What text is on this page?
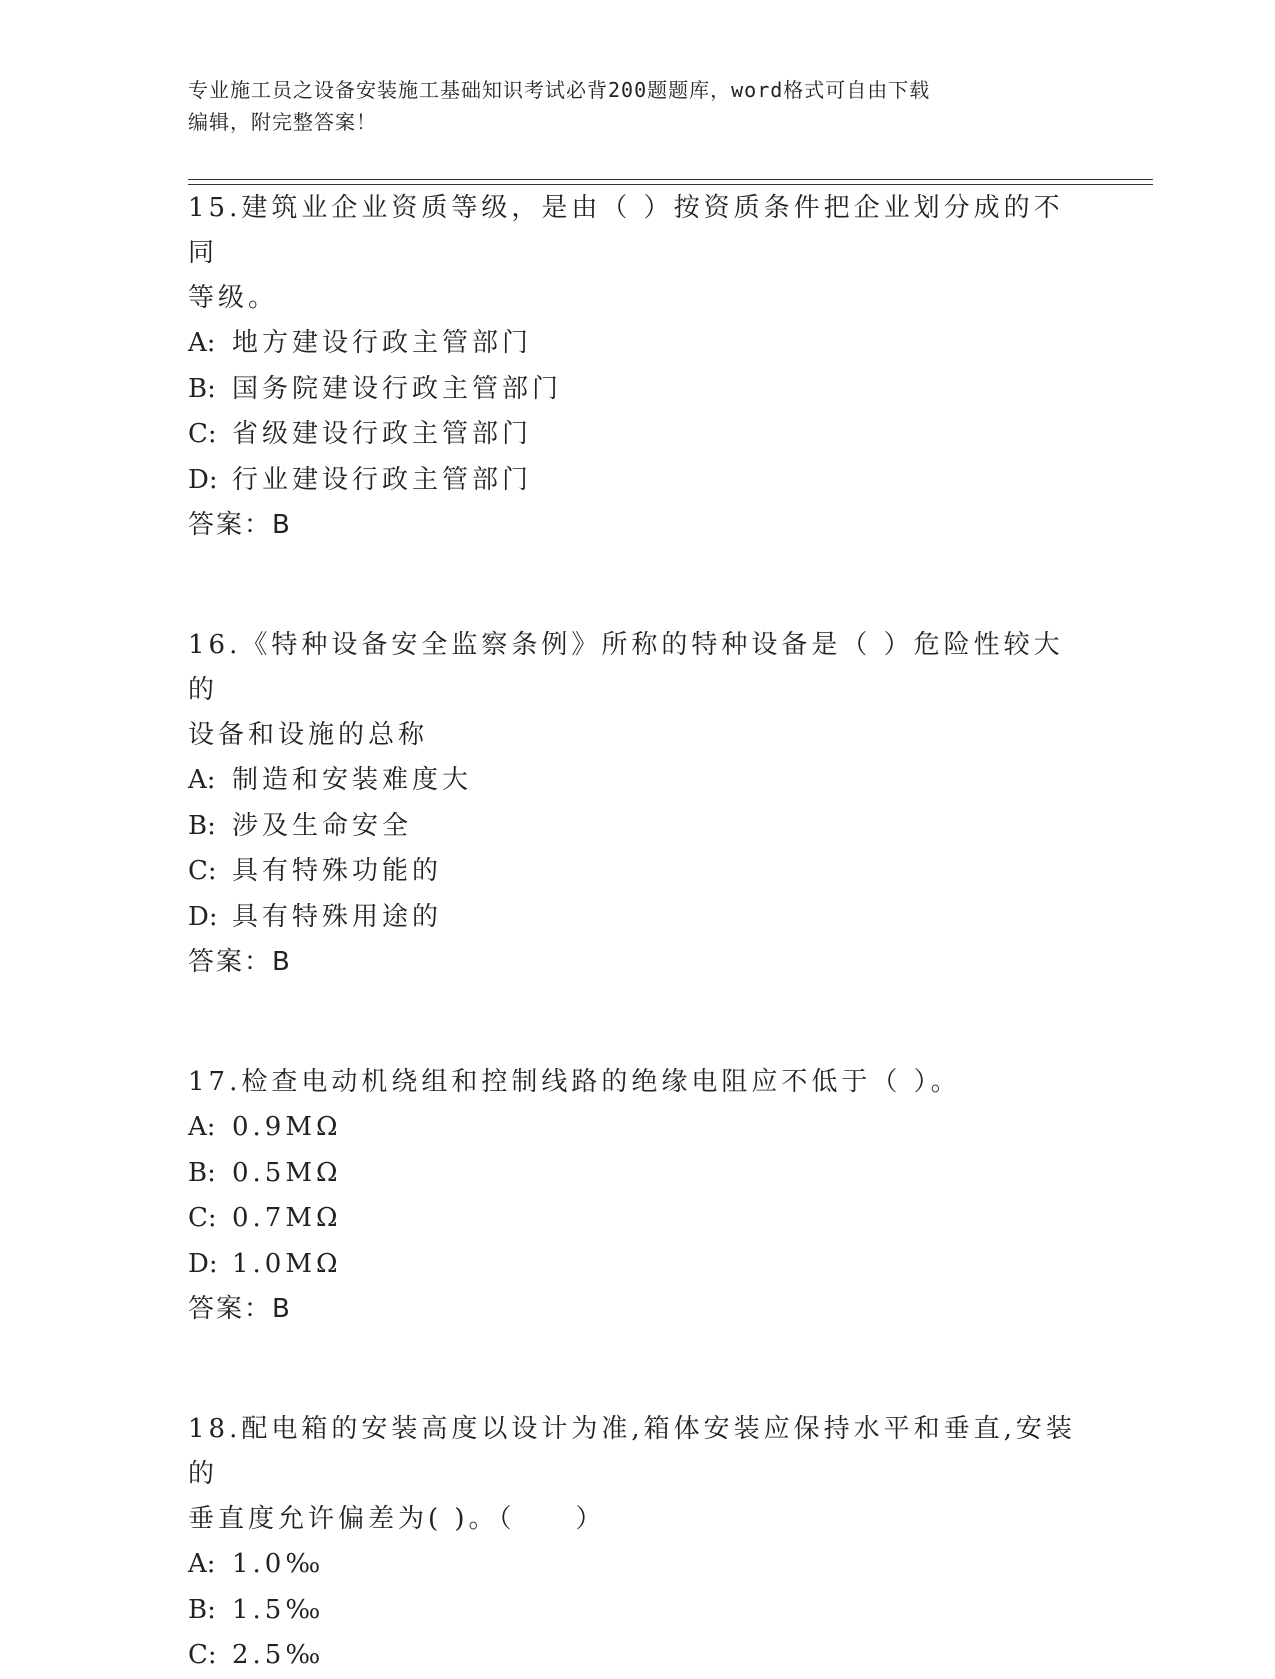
专业施工员之设备安装施工基础知识考试必背200题题库，word格式可自由下载
编辑，附完整答案！
15.建筑业企业资质等级，是由（ ）按资质条件把企业划分成的不同
等级。
A: 地方建设行政主管部门
B: 国务院建设行政主管部门
C: 省级建设行政主管部门
D: 行业建设行政主管部门
答案：B
16.《特种设备安全监察条例》所称的特种设备是（ ）危险性较大的
设备和设施的总称
A: 制造和安装难度大
B: 涉及生命安全
C: 具有特殊功能的
D: 具有特殊用途的
答案：B
17.检查电动机绕组和控制线路的绝缘电阻应不低于（ ）。
A: 0.9MΩ
B: 0.5MΩ
C: 0.7MΩ
D: 1.0MΩ
答案：B
18.配电箱的安装高度以设计为准,箱体安装应保持水平和垂直,安装的
垂直度允许偏差为( )。（　　）
A: 1.0‰
B: 1.5‰
C: 2.5‰
